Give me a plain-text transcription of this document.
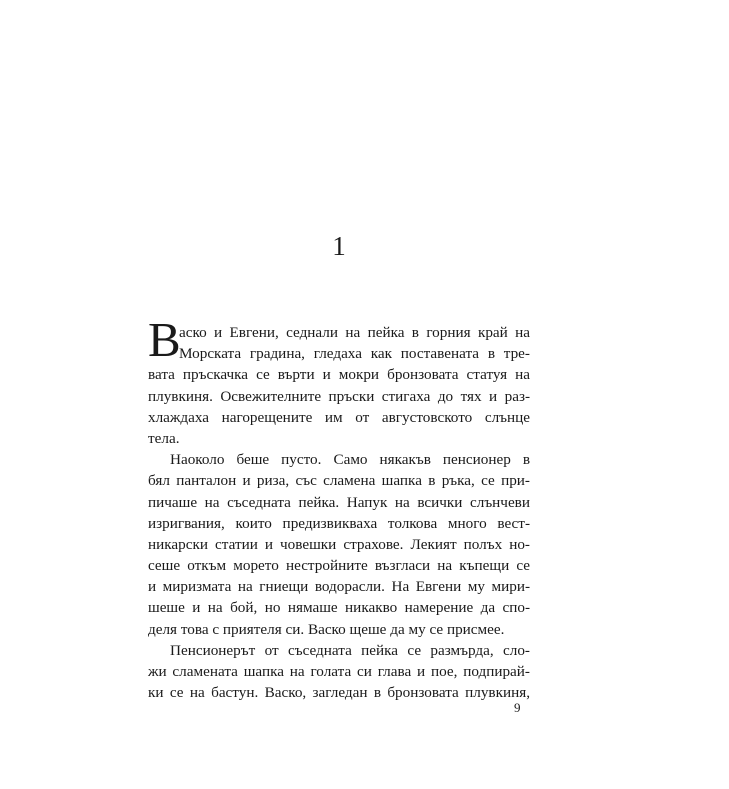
1
В
аско и Евгени, седнали на пейка в горния край на
Морската градина, гледаха как поставената в тре-
вата пръскачка се върти и мокри бронзовата статуя на
плувкиня. Освежителните пръски стигаха до тях и раз-
хлаждаха нагорещените им от августовското слънце
тела.
Наоколо беше пусто. Само някакъв пенсионер в
бял панталон и риза, със сламена шапка в ръка, се при-
пичаше на съседната пейка. Напук на всички слънчеви
изригвания, които предизвикваха толкова много вест-
никарски статии и човешки страхове. Лекият полъх но-
сеше откъм морето нестройните възгласи на къпещи се
и миризмата на гниещи водорасли. На Евгени му мири-
шеше и на бой, но нямаше никакво намерение да спо-
деля това с приятеля си. Васко щеше да му се присмее.
Пенсионерът от съседната пейка се размърда, сло-
жи сламената шапка на голата си глава и пое, подпирай-
ки се на бастун. Васко, загледан в бронзовата плувкиня,
9
